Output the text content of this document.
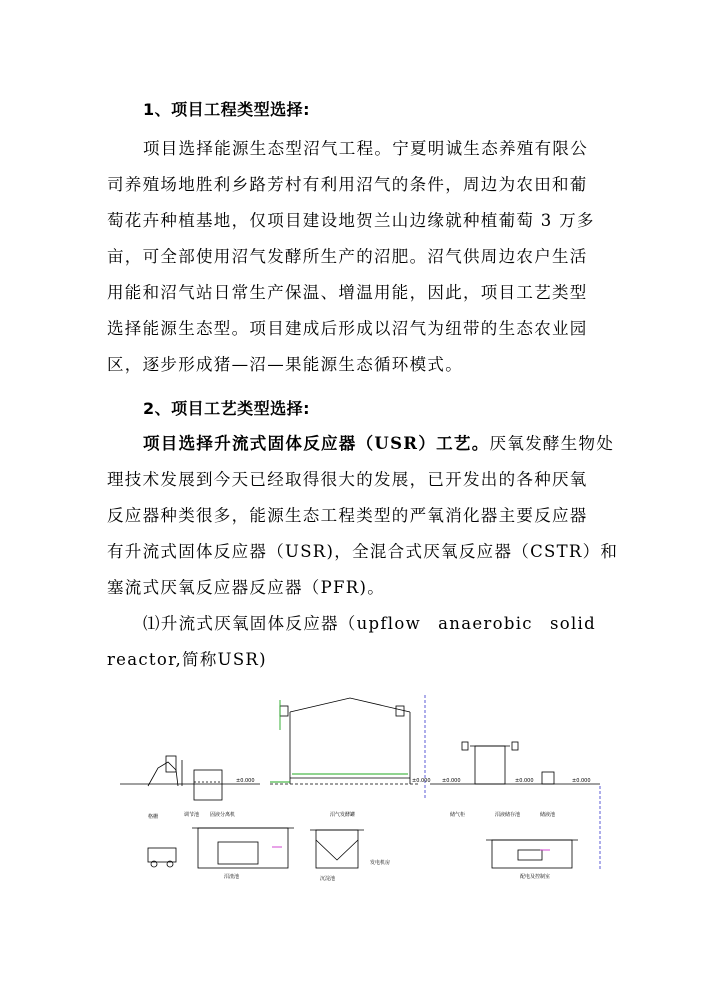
1、项目工程类型选择:
项目选择能源生态型沼气工程。宁夏明诚生态养殖有限公
司养殖场地胜利乡路芳村有利用沼气的条件，周边为农田和葡
萄花卉种植基地，仅项目建设地贺兰山边缘就种植葡萄 3 万多
亩，可全部使用沼气发酵所生产的沼肥。沼气供周边农户生活
用能和沼气站日常生产保温、增温用能，因此，项目工艺类型
选择能源生态型。项目建成后形成以沼气为纽带的生态农业园
区，逐步形成猪—沼—果能源生态循环模式。
2、项目工艺类型选择:
项目选择升流式固体反应器（USR）工艺。厌氧发酵生物处
理技术发展到今天已经取得很大的发展，已开发出的各种厌氧
反应器种类很多，能源生态工程类型的严氧消化器主要反应器
有升流式固体反应器（USR)，全混合式厌氧反应器（CSTR）和
塞流式厌氧反应器反应器（PFR)。
⑴升流式厌氧固体反应器（upflow anaerobic solid
reactor,简称USR)
格栅	调节池 固液分离机	沼气发酵罐	储气柜	沼液储存池	储液池
沼渣池	沉淀池	配电及控制室
发电机房
±0.000	±0.000 ±0.000	±0.000	±0.000
